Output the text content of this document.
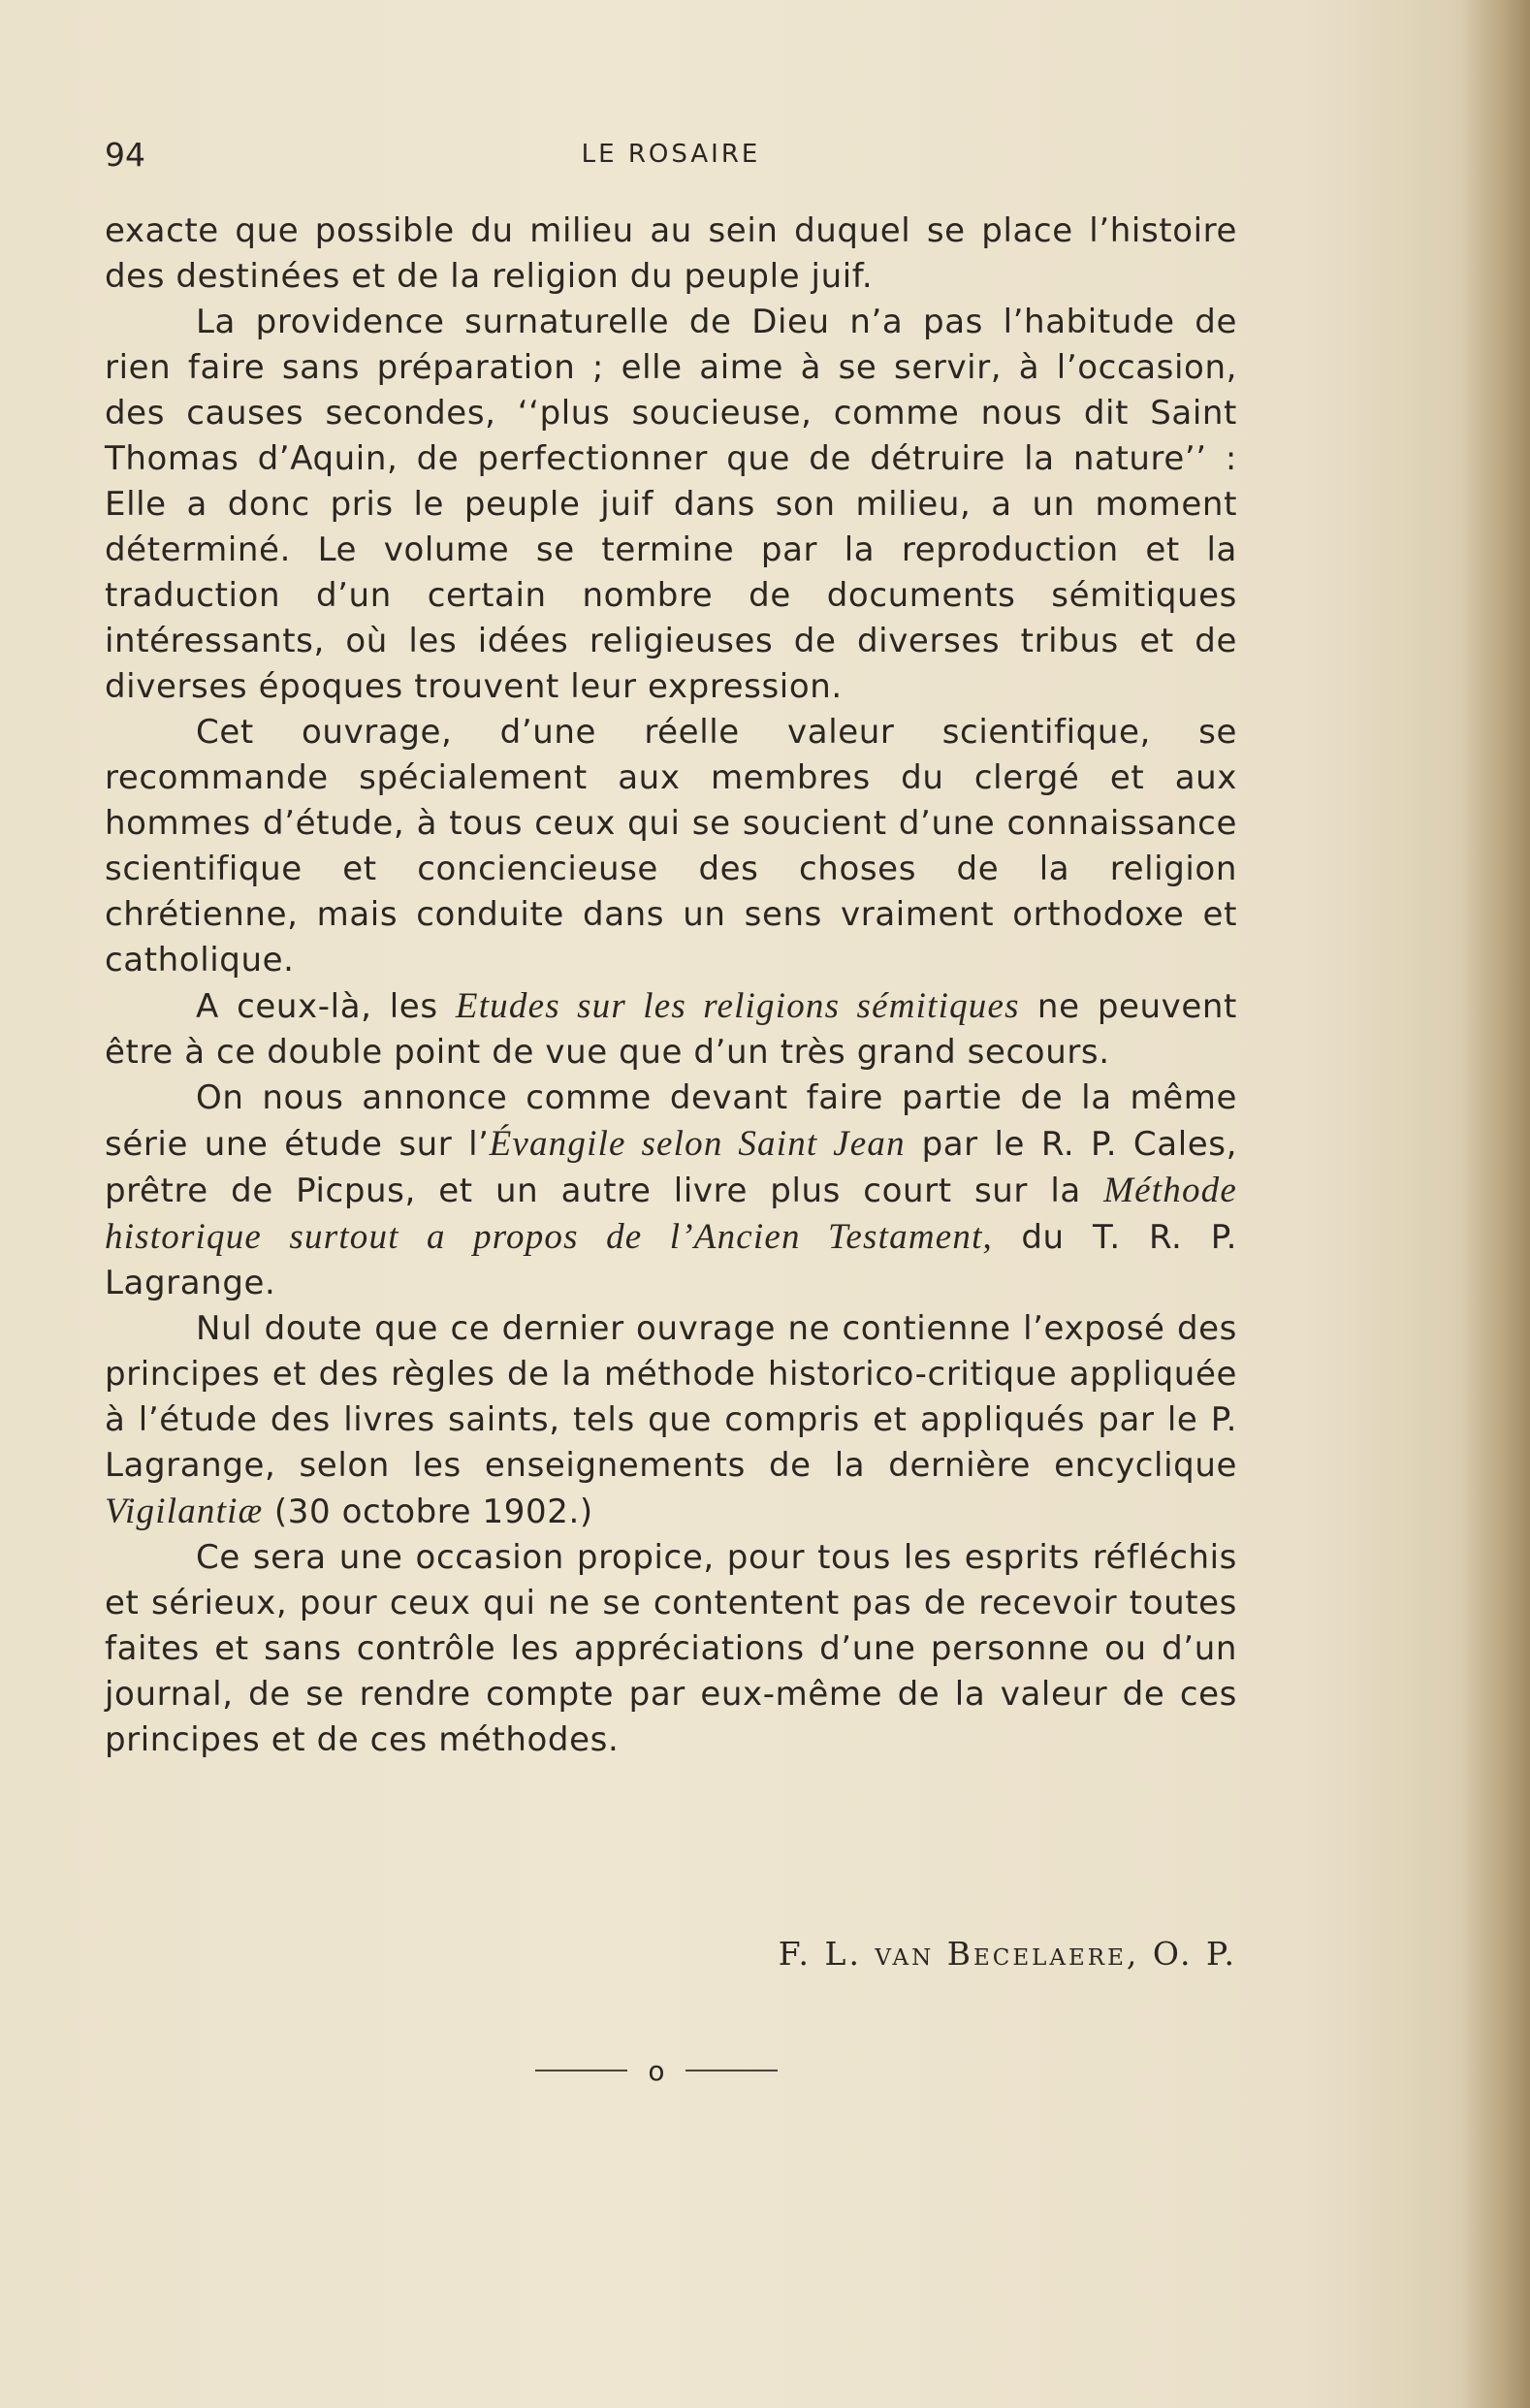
94	LE ROSAIRE

exacte que possible du milieu au sein duquel se place l’histoire des destinées et de la religion du peuple juif.

La providence surnaturelle de Dieu n’a pas l’habitude de rien faire sans préparation ; elle aime à se servir, à l’occasion, des causes secondes, ‘‘plus soucieuse, comme nous dit Saint Thomas d’Aquin, de perfectionner que de détruire la nature’’ : Elle a donc pris le peuple juif dans son milieu, a un moment déterminé. Le volume se termine par la reproduction et la traduction d’un certain nombre de documents sémitiques intéressants, où les idées religieuses de diverses tribus et de diverses époques trouvent leur expression.

Cet ouvrage, d’une réelle valeur scientifique, se recommande spécialement aux membres du clergé et aux hommes d’étude, à tous ceux qui se soucient d’une connaissance scientifique et conciencieuse des choses de la religion chrétienne, mais conduite dans un sens vraiment orthodoxe et catholique.

A ceux-là, les Etudes sur les religions sémitiques ne peuvent être à ce double point de vue que d’un très grand secours.

On nous annonce comme devant faire partie de la même série une étude sur l’Évangile selon Saint Jean par le R. P. Cales, prêtre de Picpus, et un autre livre plus court sur la Méthode historique surtout a propos de l’Ancien Testament, du T. R. P. Lagrange.

Nul doute que ce dernier ouvrage ne contienne l’exposé des principes et des règles de la méthode historico-critique appliquée à l’étude des livres saints, tels que compris et appliqués par le P. Lagrange, selon les enseignements de la dernière encyclique Vigilantiæ (30 octobre 1902.)

Ce sera une occasion propice, pour tous les esprits réfléchis et sérieux, pour ceux qui ne se contentent pas de recevoir toutes faites et sans contrôle les appréciations d’une personne ou d’un journal, de se rendre compte par eux-même de la valeur de ces principes et de ces méthodes.

F. L. van Becelaere, O. P.
o
